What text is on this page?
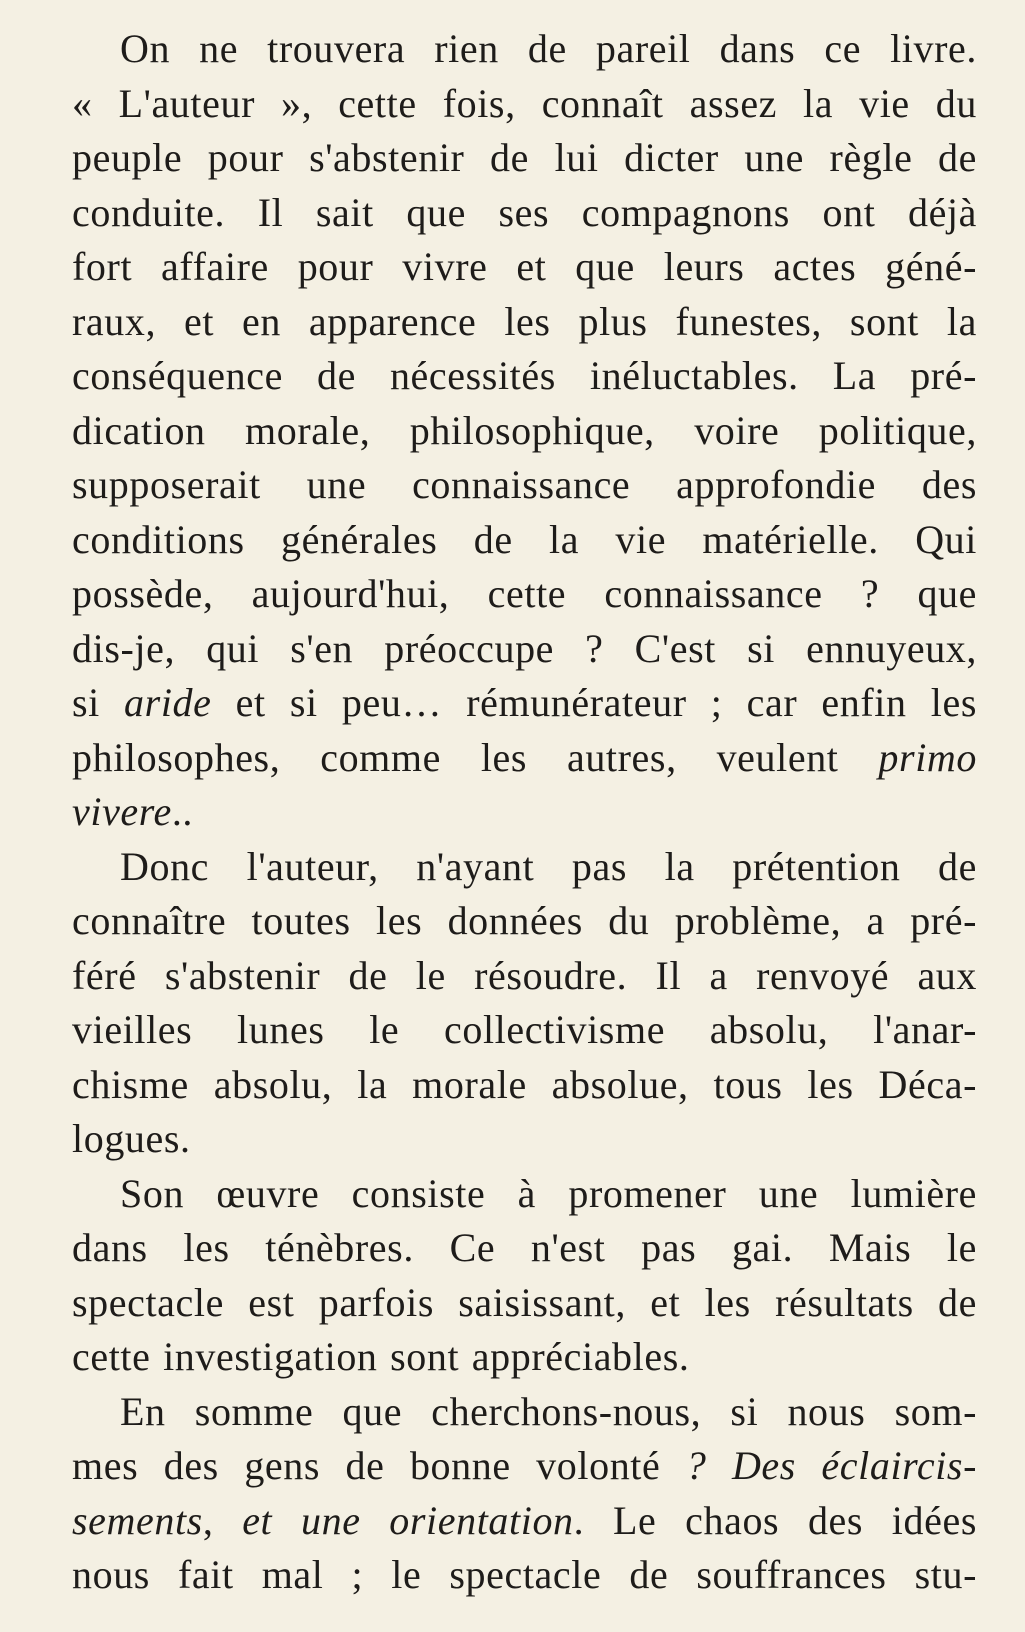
On ne trouvera rien de pareil dans ce livre.
« L'auteur », cette fois, connaît assez la vie du
peuple pour s'abstenir de lui dicter une règle de
conduite. Il sait que ses compagnons ont déjà
fort affaire pour vivre et que leurs actes géné-
raux, et en apparence les plus funestes, sont la
conséquence de nécessités inéluctables. La pré-
dication morale, philosophique, voire politique,
supposerait une connaissance approfondie des
conditions générales de la vie matérielle. Qui
possède, aujourd'hui, cette connaissance ? que
dis-je, qui s'en préoccupe ? C'est si ennuyeux,
si aride et si peu… rémunérateur ; car enfin les
philosophes, comme les autres, veulent primo
vivere..
Donc l'auteur, n'ayant pas la prétention de
connaître toutes les données du problème, a pré-
féré s'abstenir de le résoudre. Il a renvoyé aux
vieilles lunes le collectivisme absolu, l'anar-
chisme absolu, la morale absolue, tous les Déca-
logues.
Son œuvre consiste à promener une lumière
dans les ténèbres. Ce n'est pas gai. Mais le
spectacle est parfois saisissant, et les résultats de
cette investigation sont appréciables.
En somme que cherchons-nous, si nous som-
mes des gens de bonne volonté ? Des éclaircis-
sements, et une orientation. Le chaos des idées
nous fait mal ; le spectacle de souffrances stu-
